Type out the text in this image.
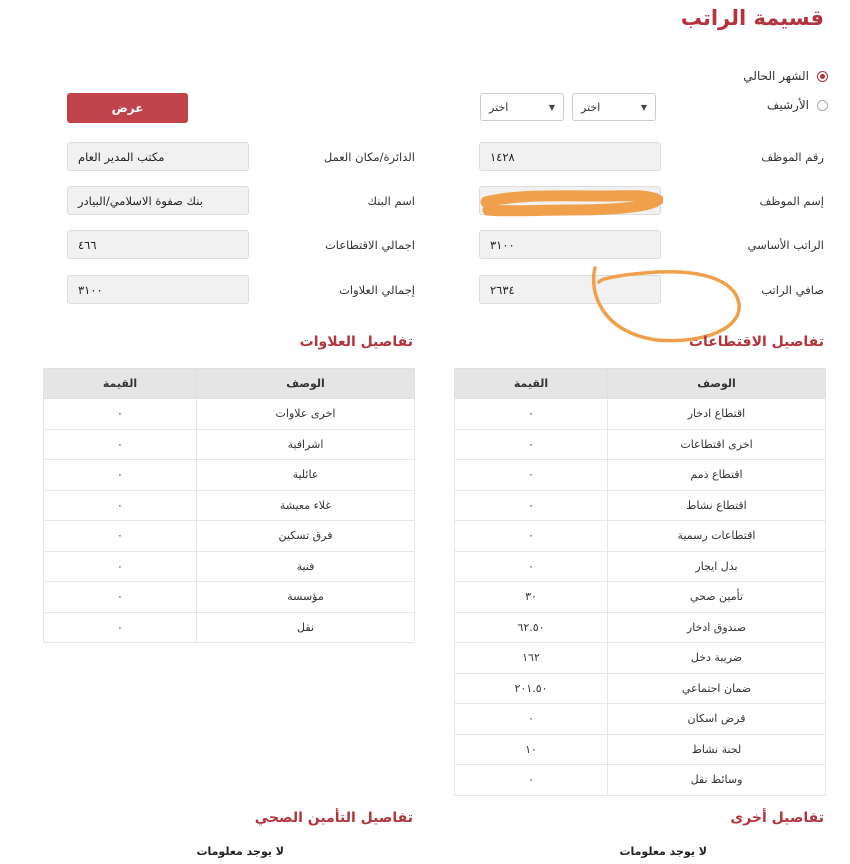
قسيمة الراتب
الشهر الحالي
الأرشيف
▼
اختر
▼
اختر
عرض
رقم الموظف
١٤٢٨
إسم الموظف
الراتب الأساسي
٣١٠٠
صافي الراتب
٢٦٣٤
الدائرة/مكان العمل
مكتب المدير العام
اسم البنك
بنك صفوة الاسلامي/البيادر
اجمالي الاقتطاعات
٤٦٦
إجمالي العلاوات
٣١٠٠
تفاصيل الاقتطاعات
تفاصيل العلاوات
الوصف	القيمة
اقتطاع ادخار	٠
اخرى اقتطاعات	٠
اقتطاع ذمم	٠
اقتطاع نشاط	٠
اقتطاعات رسمية	٠
بدل ايجار	٠
تأمين صحي	٣٠
صندوق ادخار	٦٢.٥٠
ضريبة دخل	١٦٢
ضمان اجتماعي	٢٠١.٥٠
قرض اسكان	٠
لجنة نشاط	١٠
وسائط نقل	٠
الوصف	القيمة
اخرى علاوات	٠
اشرافية	٠
عائلية	٠
غلاء معيشة	٠
فرق تسكين	٠
فنية	٠
مؤسسة	٠
نقل	٠
تفاصيل أخرى
لا يوجد معلومات
تفاصيل التأمين الصحي
لا يوجد معلومات
